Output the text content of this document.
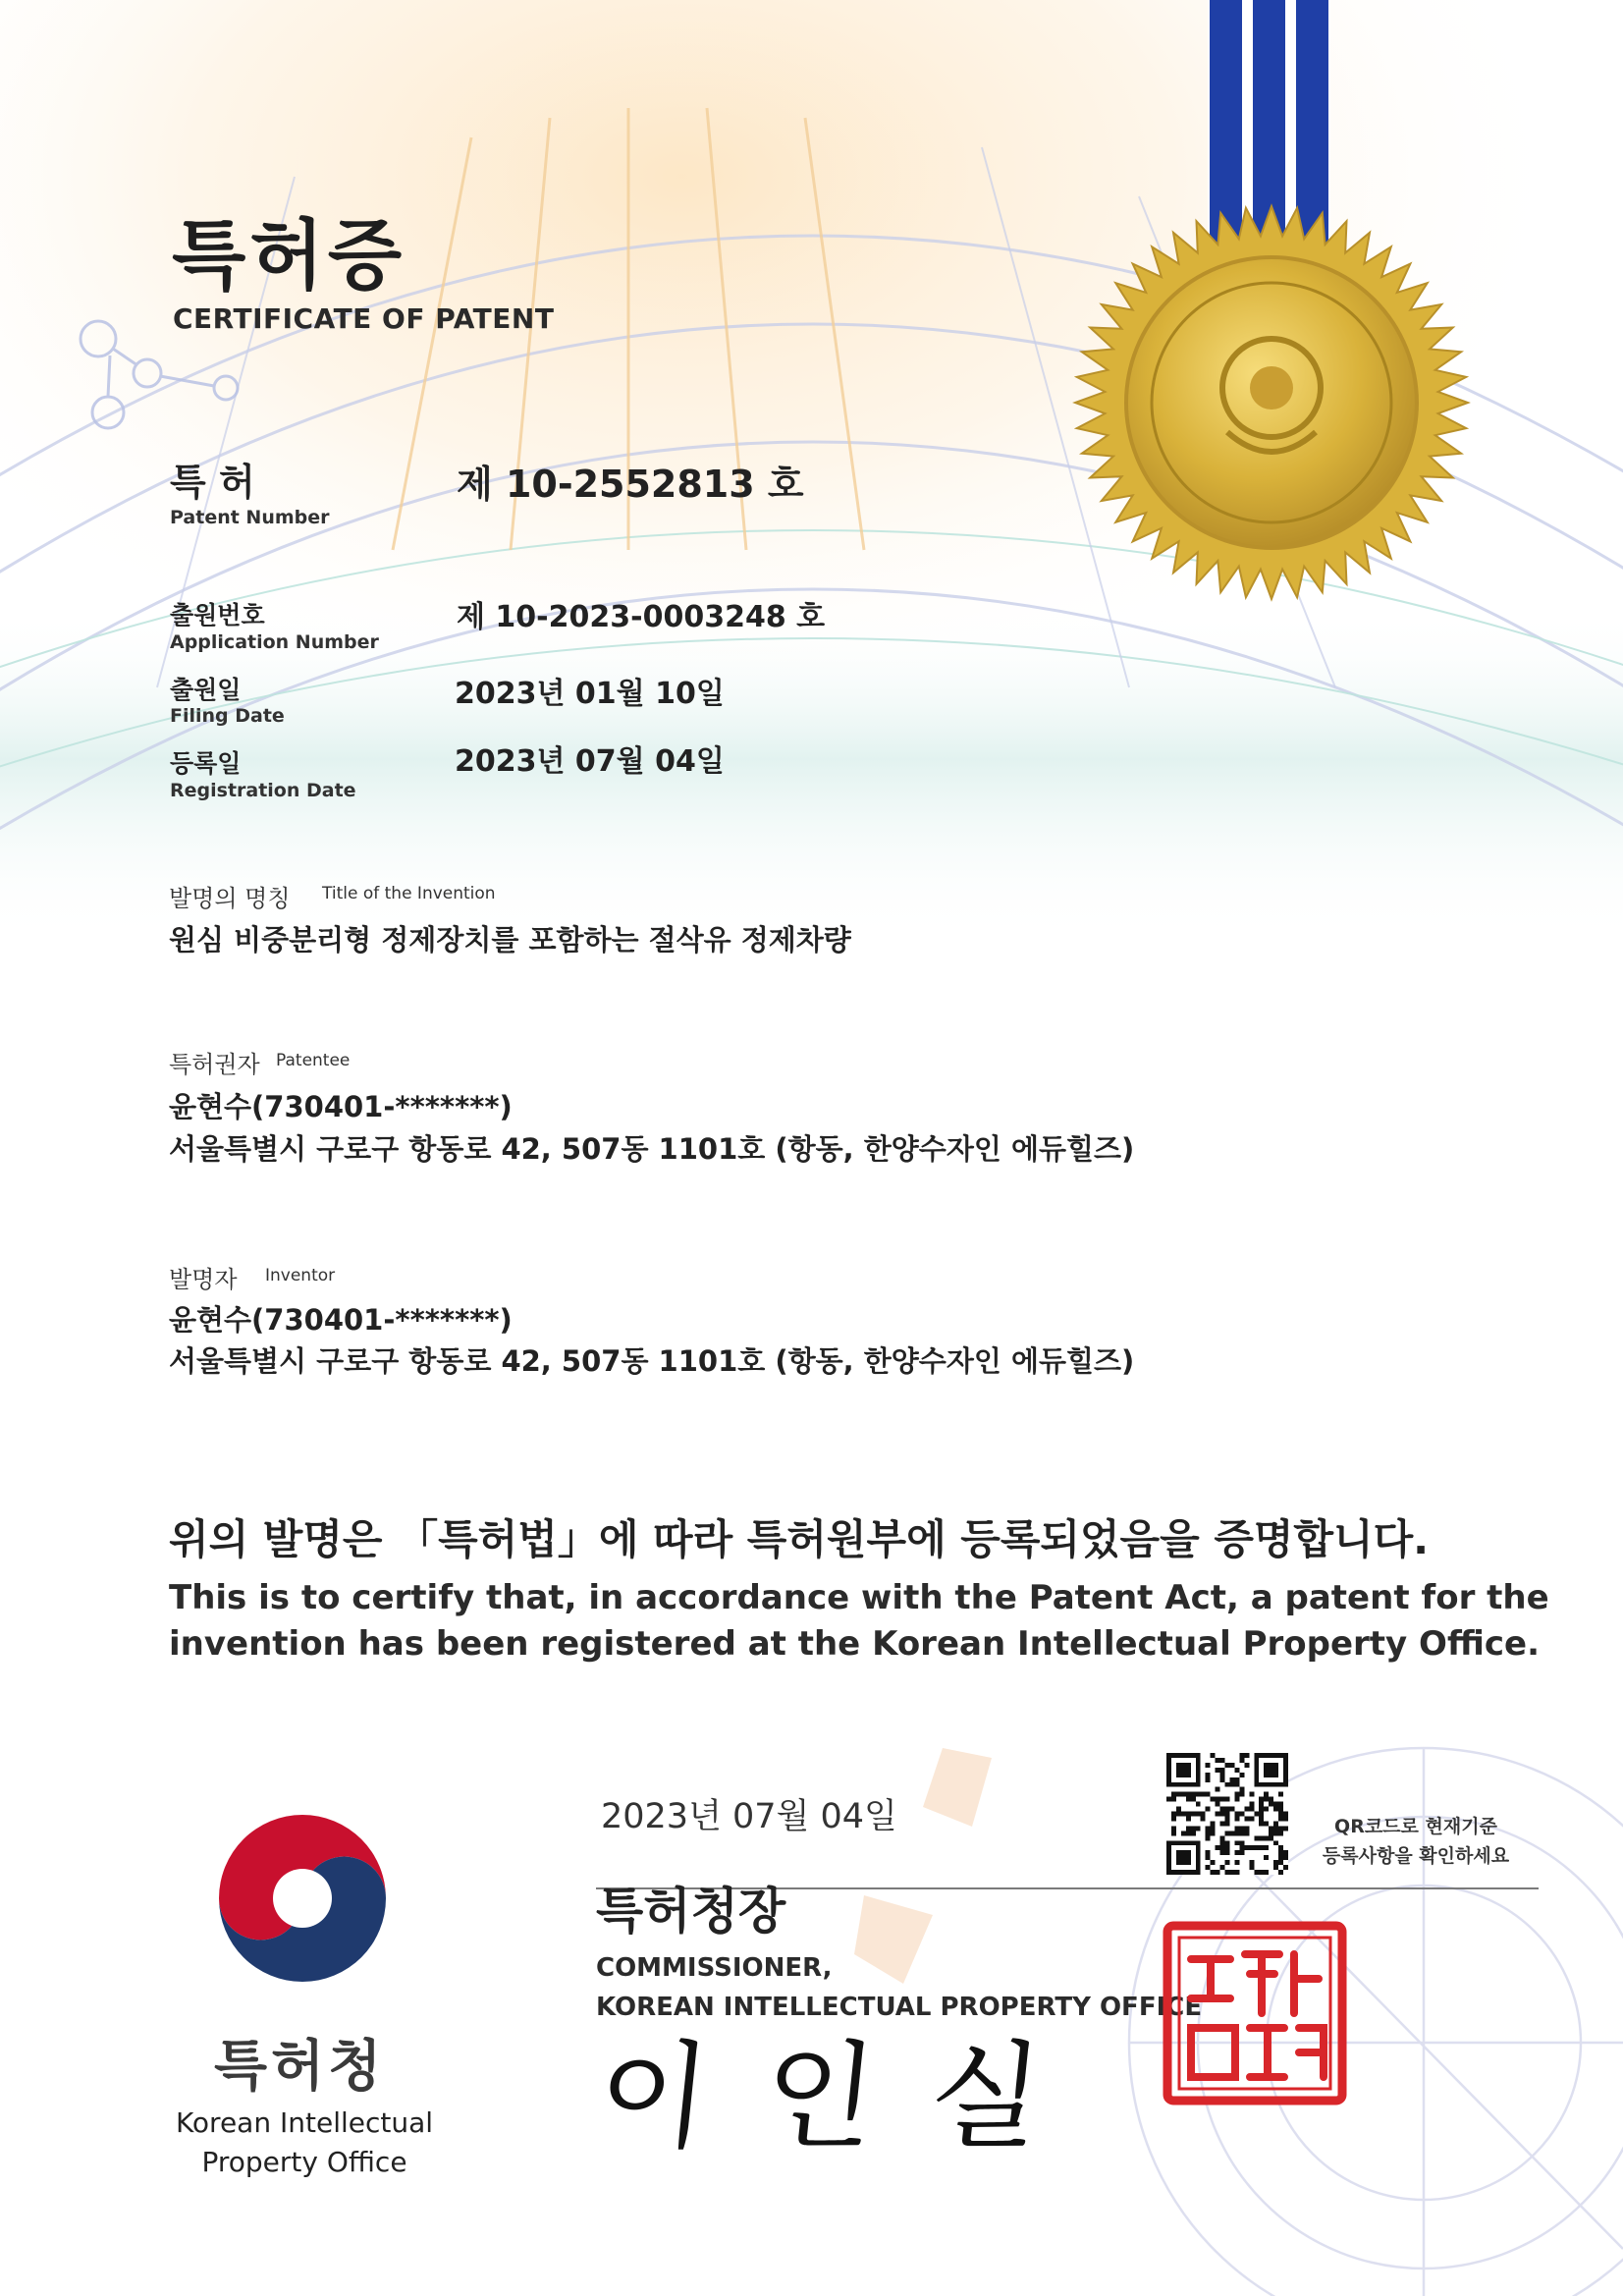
특허증
CERTIFICATE OF PATENT
특 허
Patent Number
제 10-2552813 호
출원번호
Application Number
제 10-2023-0003248 호
출원일
Filing Date
2023년 01월 10일
등록일
Registration Date
2023년 07월 04일
발명의 명칭 Title of the Invention
원심 비중분리형 정제장치를 포함하는 절삭유 정제차량
특허권자 Patentee
윤현수(730401-*******)
서울특별시 구로구 항동로 42, 507동 1101호 (항동, 한양수자인 에듀힐즈)
발명자 Inventor
윤현수(730401-*******)
서울특별시 구로구 항동로 42, 507동 1101호 (항동, 한양수자인 에듀힐즈)
위의 발명은 「특허법」에 따라 특허원부에 등록되었음을 증명합니다.
This is to certify that, in accordance with the Patent Act, a patent for the
invention has been registered at the Korean Intellectual Property Office.
2023년 07월 04일	QR코드로 현재기준
등록사항을 확인하세요
특허청장
COMMISSIONER,
KOREAN INTELLECTUAL PROPERTY OFFICE
이인실
특허청
Korean Intellectual
Property Office
